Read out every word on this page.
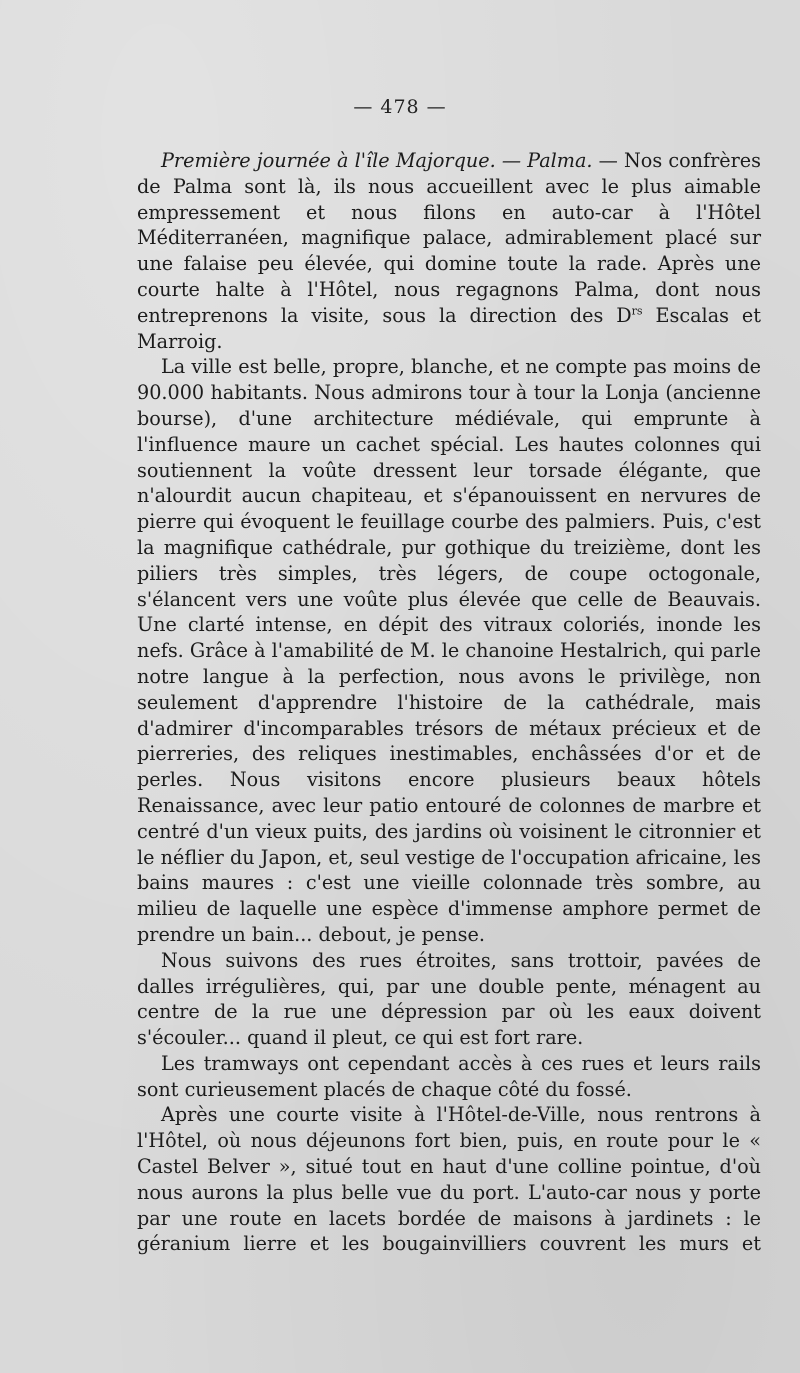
— 478 —

Première journée à l'île Majorque. — Palma. — Nos confrères de Palma sont là, ils nous accueillent avec le plus aimable empressement et nous filons en auto-car à l'Hôtel Méditerranéen, magnifique palace, admirablement placé sur une falaise peu élevée, qui domine toute la rade. Après une courte halte à l'Hôtel, nous regagnons Palma, dont nous entreprenons la visite, sous la direction des $D^{rs}$ Escalas et Marroig.

La ville est belle, propre, blanche, et ne compte pas moins de 90.000 habitants. Nous admirons tour à tour la Lonja (ancienne bourse), d'une architecture médiévale, qui emprunte à l'influence maure un cachet spécial. Les hautes colonnes qui soutiennent la voûte dressent leur torsade élégante, que n'alourdit aucun chapiteau, et s'épanouissent en nervures de pierre qui évoquent le feuillage courbe des palmiers. Puis, c'est la magnifique cathédrale, pur gothique du treizième, dont les piliers très simples, très légers, de coupe octogonale, s'élancent vers une voûte plus élevée que celle de Beauvais. Une clarté intense, en dépit des vitraux coloriés, inonde les nefs. Grâce à l'amabilité de M. le chanoine Hestalrich, qui parle notre langue à la perfection, nous avons le privilège, non seulement d'apprendre l'histoire de la cathédrale, mais d'admirer d'incomparables trésors de métaux précieux et de pierreries, des reliques inestimables, enchâssées d'or et de perles. Nous visitons encore plusieurs beaux hôtels Renaissance, avec leur patio entouré de colonnes de marbre et centré d'un vieux puits, des jardins où voisinent le citronnier et le néflier du Japon, et, seul vestige de l'occupation africaine, les bains maures : c'est une vieille colonnade très sombre, au milieu de laquelle une espèce d'immense amphore permet de prendre un bain... debout, je pense.

Nous suivons des rues étroites, sans trottoir, pavées de dalles irrégulières, qui, par une double pente, ménagent au centre de la rue une dépression par où les eaux doivent s'écouler... quand il pleut, ce qui est fort rare.

Les tramways ont cependant accès à ces rues et leurs rails sont curieusement placés de chaque côté du fossé.

Après une courte visite à l'Hôtel-de-Ville, nous rentrons à l'Hôtel, où nous déjeunons fort bien, puis, en route pour le « Castel Belver », situé tout en haut d'une colline pointue, d'où nous aurons la plus belle vue du port. L'auto-car nous y porte par une route en lacets bordée de maisons à jardinets : le géranium lierre et les bougainvilliers couvrent les murs et
